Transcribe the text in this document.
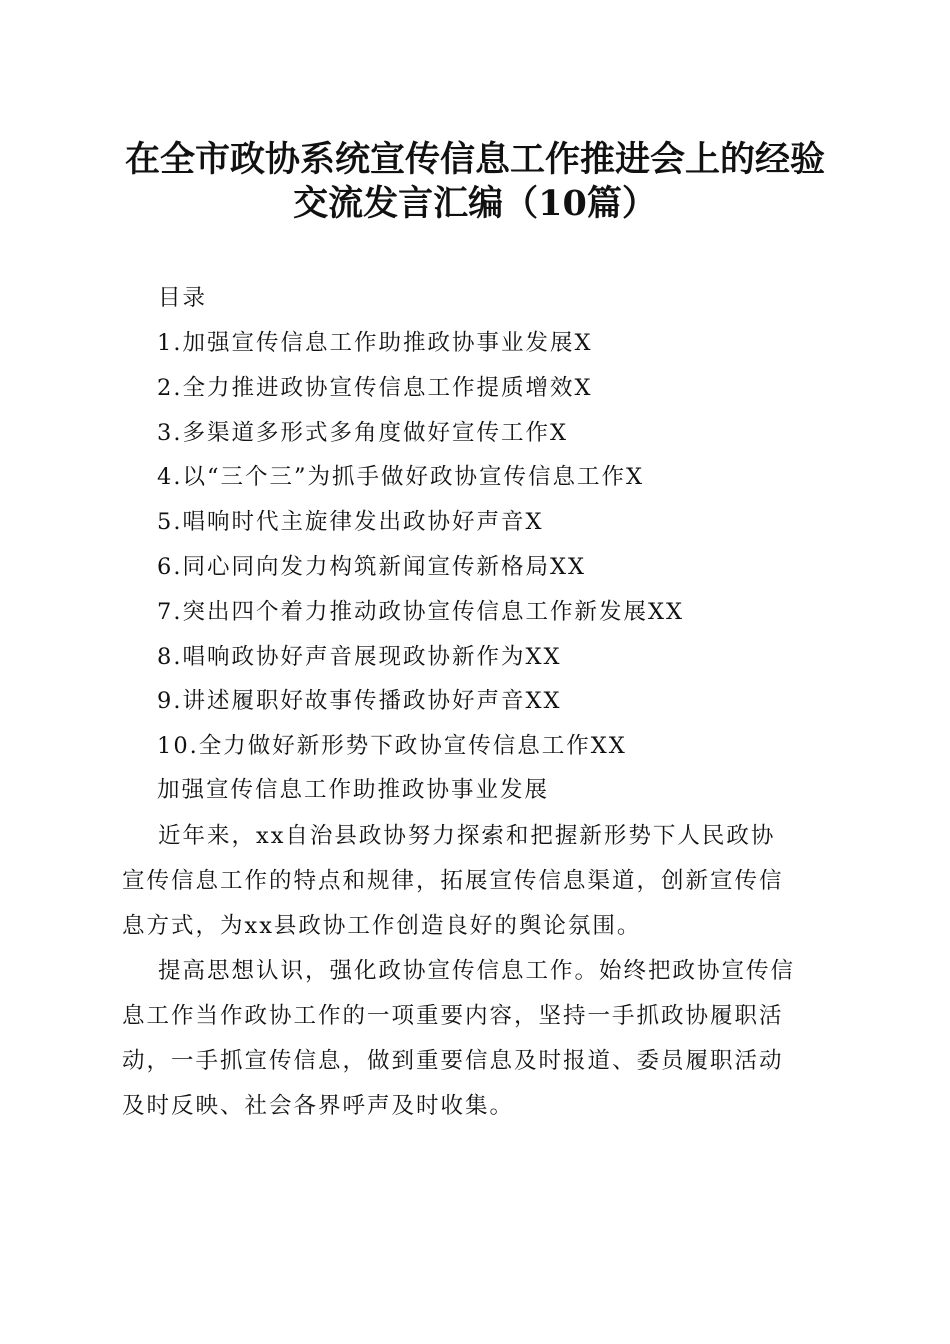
在全市政协系统宣传信息工作推进会上的经验
交流发言汇编（10篇）

目录

1.加强宣传信息工作助推政协事业发展X
2.全力推进政协宣传信息工作提质增效X
3.多渠道多形式多角度做好宣传工作X
4.以“三个三”为抓手做好政协宣传信息工作X
5.唱响时代主旋律发出政协好声音X
6.同心同向发力构筑新闻宣传新格局XX
7.突出四个着力推动政协宣传信息工作新发展XX
8.唱响政协好声音展现政协新作为XX
9.讲述履职好故事传播政协好声音XX
10.全力做好新形势下政协宣传信息工作XX

加强宣传信息工作助推政协事业发展

近年来，xx自治县政协努力探索和把握新形势下人民政协
宣传信息工作的特点和规律，拓展宣传信息渠道，创新宣传信
息方式，为xx县政协工作创造良好的舆论氛围。

提高思想认识，强化政协宣传信息工作。始终把政协宣传信
息工作当作政协工作的一项重要内容，坚持一手抓政协履职活
动，一手抓宣传信息，做到重要信息及时报道、委员履职活动
及时反映、社会各界呼声及时收集。
